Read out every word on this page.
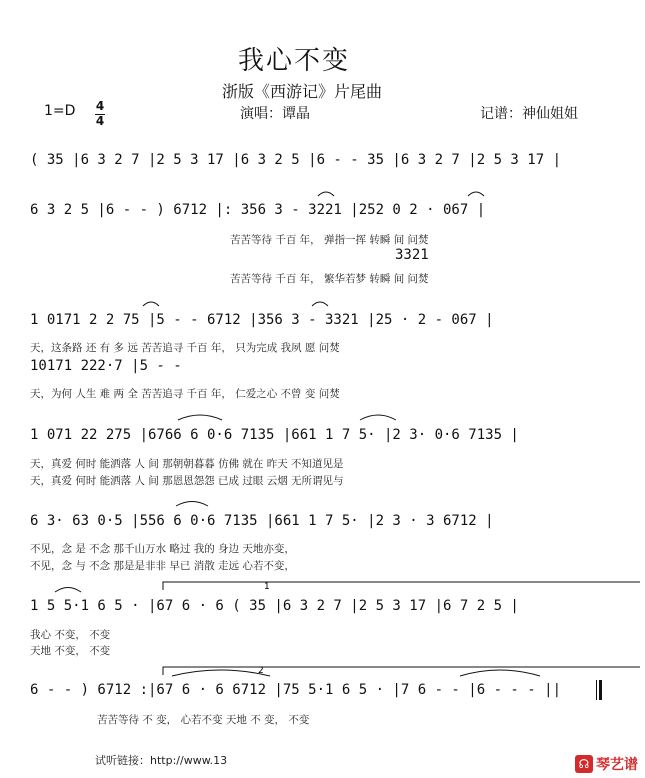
我心不变
浙版《西游记》片尾曲
1=D 4
4	演唱：谭晶	记谱：神仙姐姐
( 35 |6 3 2 7 |2 5 3 17 |6 3 2 5 |6 - - 35 |6 3 2 7 |2 5 3 17 |
6 3 2 5 |6 - - ) 6712 |: 356 3 - 3221 |252 0 2 · 067 |
苦苦等待 千百 年， 弹指一挥 转瞬 间 问焚
3321
苦苦等待 千百 年， 繁华若梦 转瞬 间 问焚
1 0171 2 2 75 |5 - - 6712 |356 3 - 3321 |25 · 2 - 067 |
天，这条路 还 有 多 远 苦苦追寻 千百 年， 只为完成 我夙 愿 问焚
10171 222·7 |5 - -
天，为何 人生 难 两 全 苦苦追寻 千百 年， 仁爱之心 不曾 变 问焚
1 071 22 275 |6766 6 0·6 7135 |661 1 7 5· |2 3· 0·6 7135 |
天，真爱 何时 能洒落 人 间 那朝朝暮暮 仿佛 就在 昨天 不知道见是
天，真爱 何时 能洒落 人 间 那恩恩怨怨 已成 过眼 云烟 无所谓见与
6 3· 63 0·5 |556 6 0·6 7135 |661 1 7 5· |2 3 · 3 6712 |
不见，念 是 不念 那千山万水 略过 我的 身边 天地亦变，
不见，念 与 不念 那是是非非 早已 消散 走远 心若不变，
1 5 5·1 6 5 · |67 6 · 6 ( 35 |6 3 2 7 |2 5 3 17 |6 7 2 5 |
我心 不变， 不变
天地 不变， 不变
6 - - ) 6712 :|67 6 · 6 6712 |75 5·1 6 5 · |7 6 - - |6 - - - ||
苦苦等待 不 变， 心若不变 天地 不 变， 不变
1
2
试听链接：http://www.13	☊ 琴艺谱
